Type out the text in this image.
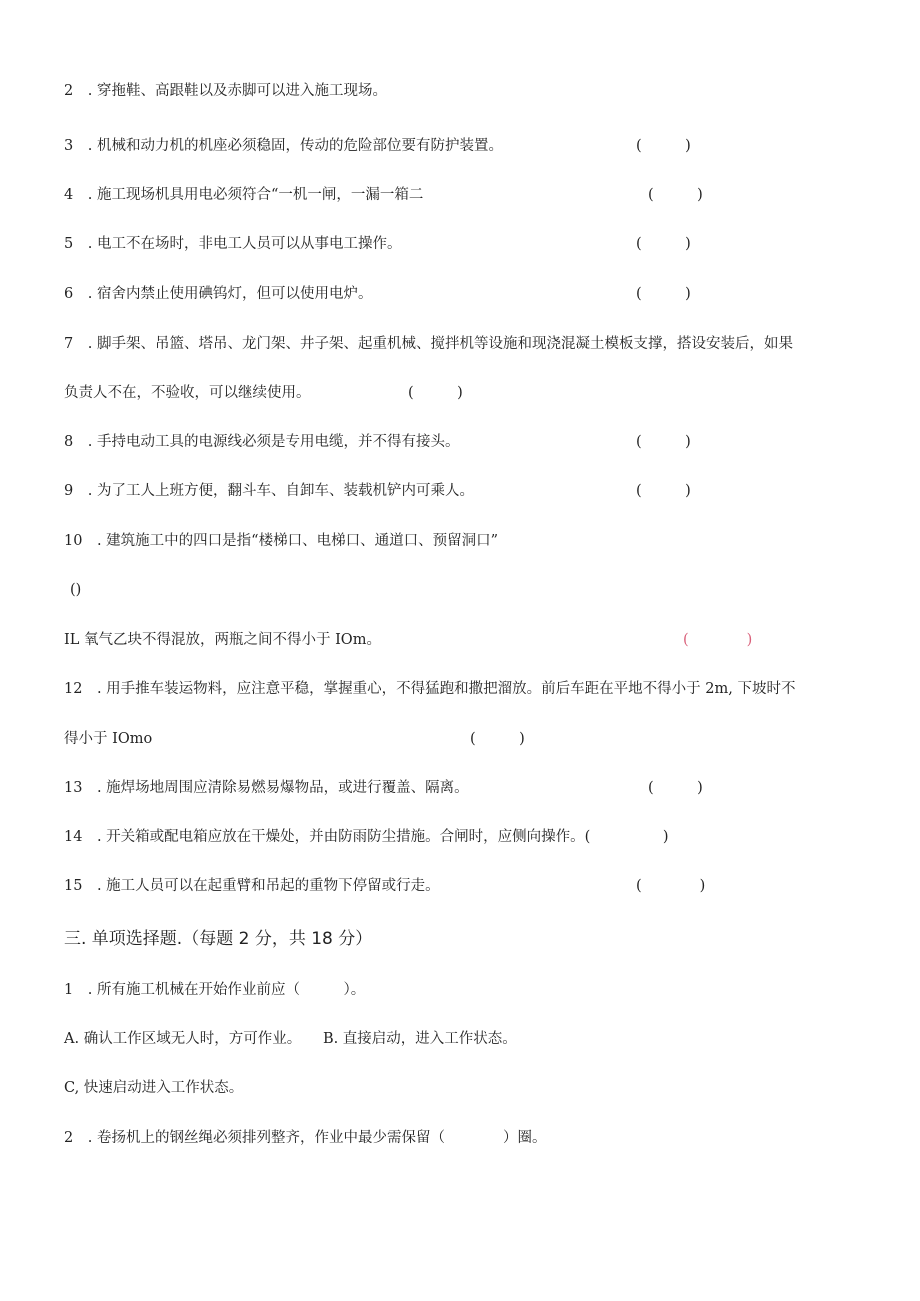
2　. 穿拖鞋、高跟鞋以及赤脚可以进入施工现场。
3　. 机械和动力机的机座必须稳固，传动的危险部位要有防护装置。	(　　　)
4　. 施工现场机具用电必须符合“一机一闸，一漏一箱二	(　　　)
5　. 电工不在场时，非电工人员可以从事电工操作。	(　　　)
6　. 宿舍内禁止使用碘钨灯，但可以使用电炉。	(　　　)
7　. 脚手架、吊篮、塔吊、龙门架、井子架、起重机械、搅拌机等设施和现浇混凝土模板支撑，搭设安装后，如果
负责人不在，不验收，可以继续使用。	(　　　)
8　. 手持电动工具的电源线必须是专用电缆，并不得有接头。	(　　　)
9　. 为了工人上班方便，翻斗车、自卸车、装载机铲内可乘人。	(　　　)
10　. 建筑施工中的四口是指“楼梯口、电梯口、通道口、预留洞口”
()
IL 氧气乙块不得混放，两瓶之间不得小于 IOm。	(　　　　)
12　. 用手推车装运物料，应注意平稳，掌握重心，不得猛跑和撒把溜放。前后车距在平地不得小于 2m, 下坡时不
得小于 IOmo	(　　　)
13　. 施焊场地周围应清除易燃易爆物品，或进行覆盖、隔离。	(　　　)
14　. 开关箱或配电箱应放在干燥处，并由防雨防尘措施。合闸时，应侧向操作。(　　　　　)
15　. 施工人员可以在起重臂和吊起的重物下停留或行走。	(　　　　)
三. 单项选择题.（每题 2 分，共 18 分）
1　. 所有施工机械在开始作业前应（　　　）。
A. 确认工作区域无人时，方可作业。　　B. 直接启动，进入工作状态。
C, 快速启动进入工作状态。
2　. 卷扬机上的钢丝绳必须排列整齐，作业中最少需保留（　　　　）圈。
